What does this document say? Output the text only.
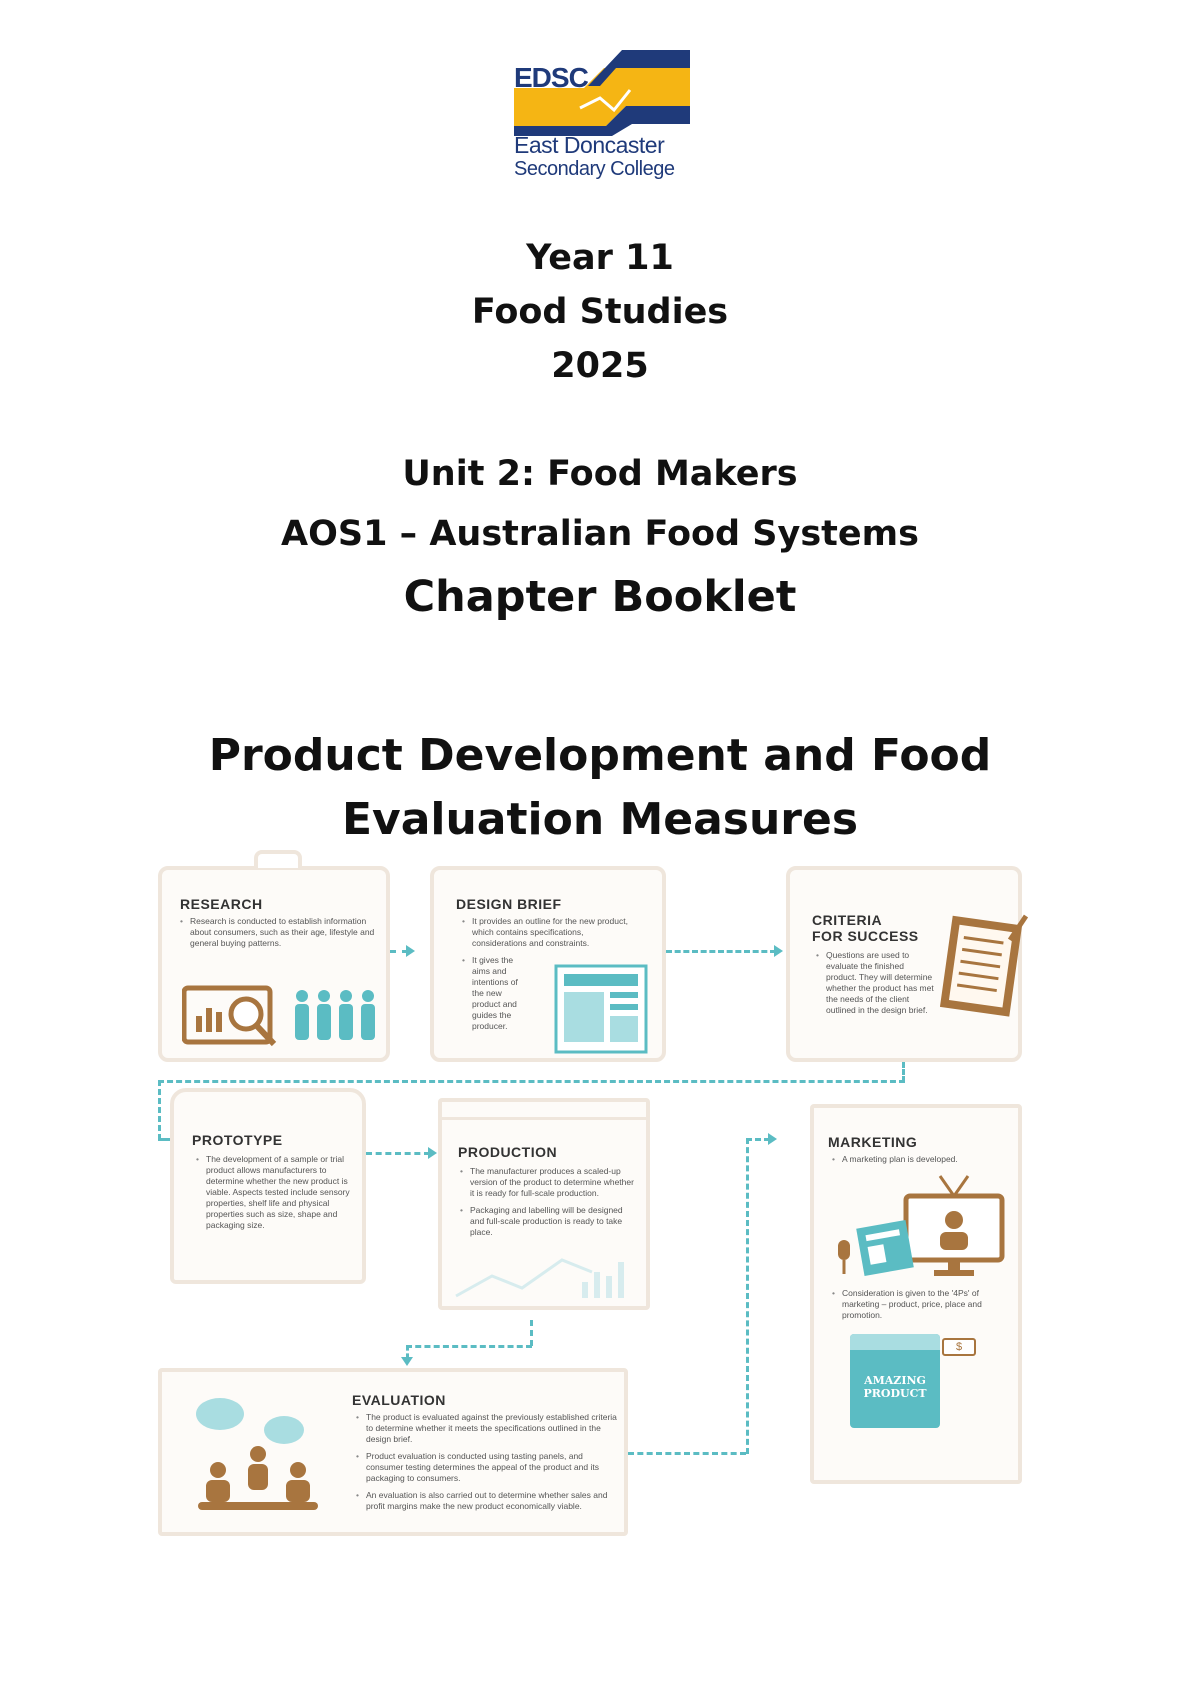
EDSC
East Doncaster
Secondary College
Year 11
Food Studies
2025
Unit 2: Food Makers
AOS1 – Australian Food Systems
Chapter Booklet
Product Development and Food
Evaluation Measures
RESEARCH

• Research is conducted to establish information about consumers, such as their age, lifestyle and general buying patterns.

DESIGN BRIEF

• It provides an outline for the new product, which contains specifications, considerations and constraints.

• It gives the aims and intentions of the new product and guides the producer.

CRITERIA
FOR SUCCESS

• Questions are used to evaluate the finished product. They will determine whether the product has met the needs of the client outlined in the design brief.

PROTOTYPE

• The development of a sample or trial product allows manufacturers to determine whether the new product is viable. Aspects tested include sensory properties, shelf life and physical properties such as size, shape and packaging size.

PRODUCTION

• The manufacturer produces a scaled-up version of the product to determine whether it is ready for full-scale production.

• Packaging and labelling will be designed and full-scale production is ready to take place.

MARKETING

• A marketing plan is developed.

• Consideration is given to the '4Ps' of marketing – product, price, place and promotion.

AMAZING
PRODUCT
$
EVALUATION

• The product is evaluated against the previously established criteria to determine whether it meets the specifications outlined in the design brief.

• Product evaluation is conducted using tasting panels, and consumer testing determines the appeal of the product and its packaging to consumers.

• An evaluation is also carried out to determine whether sales and profit margins make the new product economically viable.
